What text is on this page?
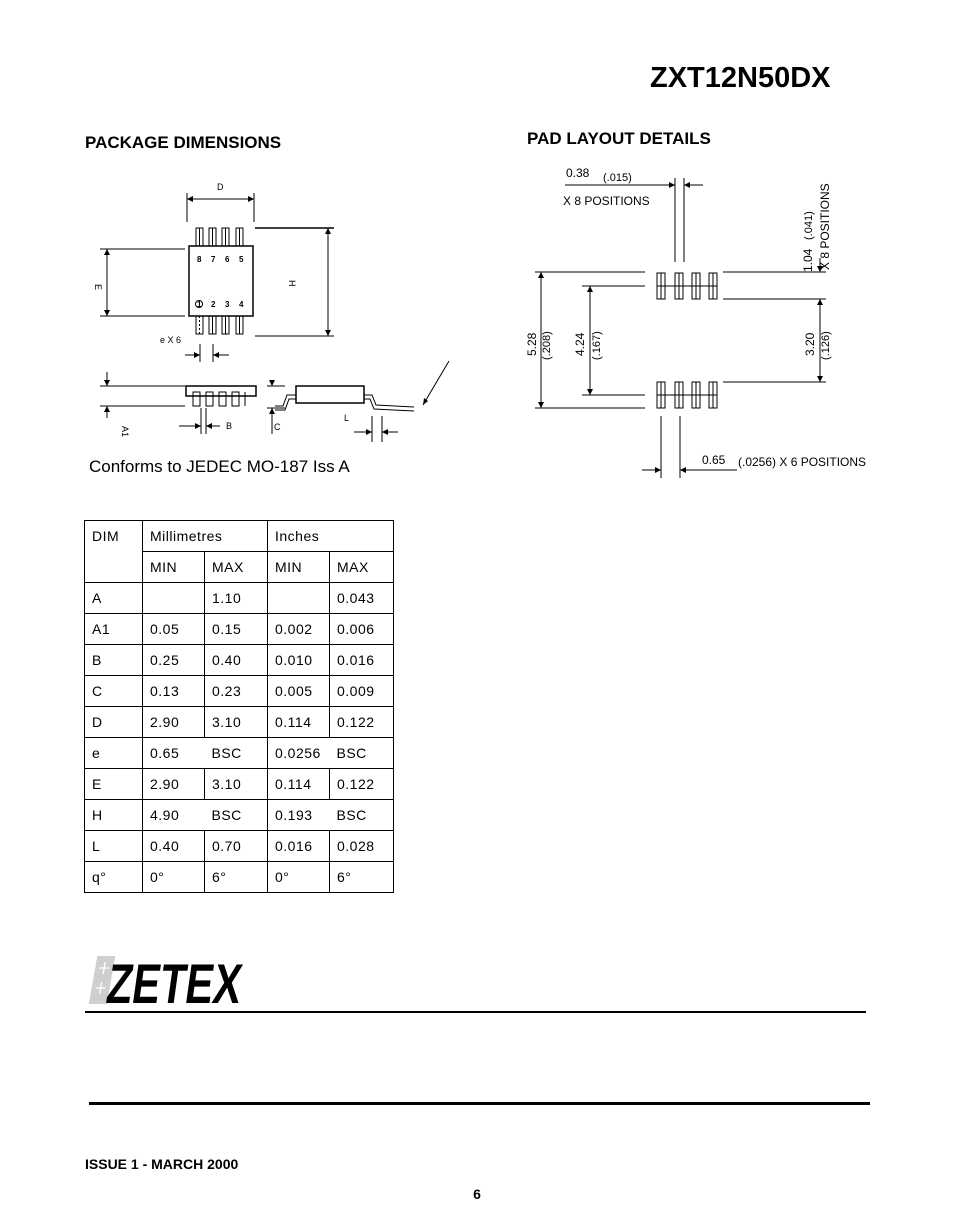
ZXT12N50DX
PACKAGE DIMENSIONS	PAD LAYOUT DETAILS
D
E
H
e X 6
A1	B	C
L
8 7 6 5
1 2 3 4
0.38 (.015)
X 8 POSITIONS
1.04
(.041) X 8 POSITIONS
5.28 (.208) 4.24 (.167)	3.20 (.126)
0.65 (.0256) X 6 POSITIONS
Conforms to JEDEC MO-187 Iss A
DIM	Millimetres		Inches	
	MIN	MAX	MIN	MAX
A		1.10		0.043
A1	0.05	0.15	0.002	0.006
B	0.25	0.40	0.010	0.016
C	0.13	0.23	0.005	0.009
D	2.90	3.10	0.114	0.122
e	0.65	BSC	0.0256	BSC
E	2.90	3.10	0.114	0.122
H	4.90	BSC	0.193	BSC
L	0.40	0.70	0.016	0.028
q°	0°	6°	0°	6°
ZETEX
ISSUE 1 - MARCH 2000
6
